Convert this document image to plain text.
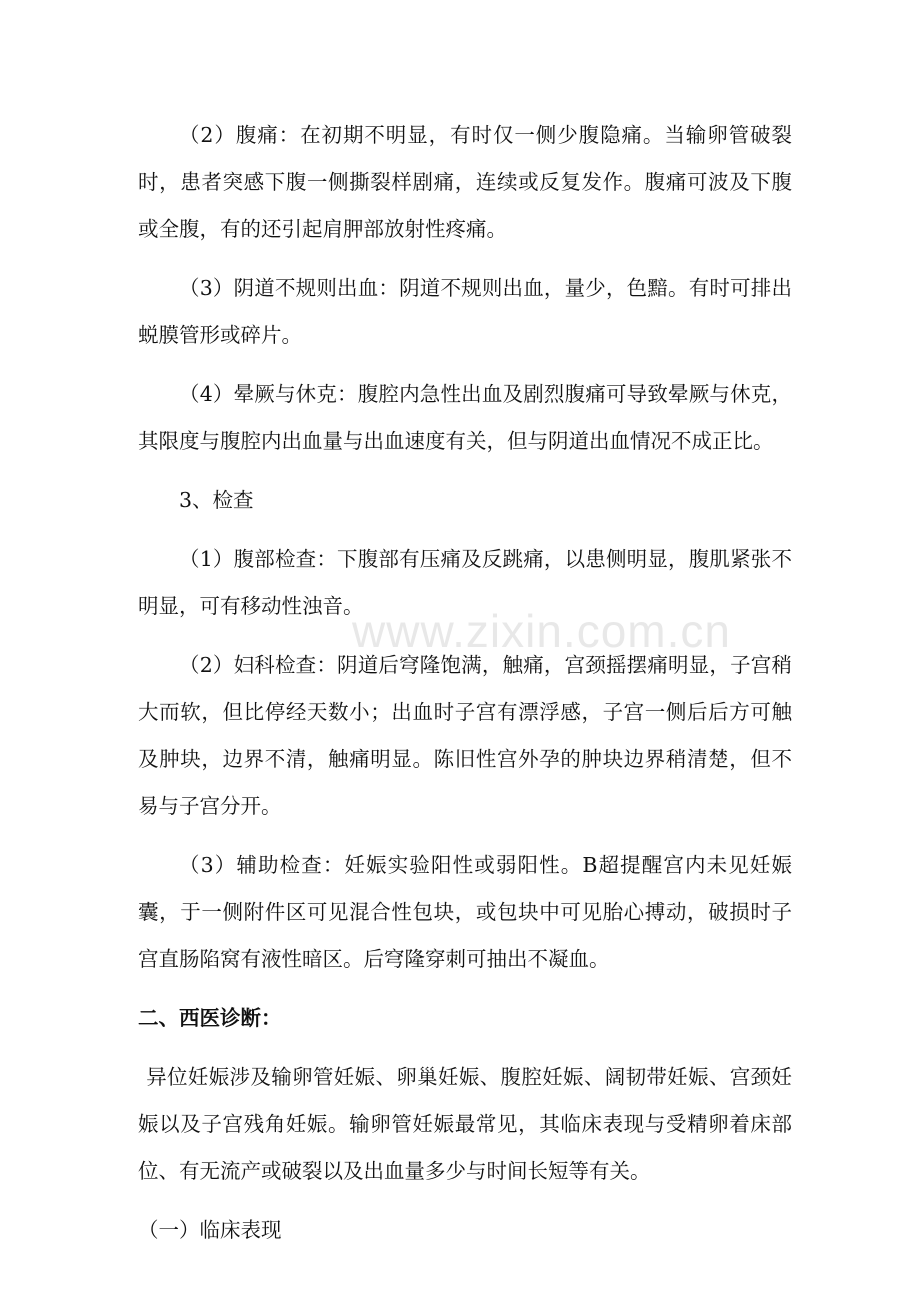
（2）腹痛：在初期不明显，有时仅一侧少腹隐痛。当输卵管破裂时，患者突感下腹一侧撕裂样剧痛，连续或反复发作。腹痛可波及下腹或全腹，有的还引起肩胛部放射性疼痛。

（3）阴道不规则出血：阴道不规则出血，量少，色黯。有时可排出蜕膜管形或碎片。

（4）晕厥与休克：腹腔内急性出血及剧烈腹痛可导致晕厥与休克，其限度与腹腔内出血量与出血速度有关，但与阴道出血情况不成正比。

3、检查

（1）腹部检查：下腹部有压痛及反跳痛，以患侧明显，腹肌紧张不明显，可有移动性浊音。

（2）妇科检查：阴道后穹隆饱满，触痛，宫颈摇摆痛明显，子宫稍大而软，但比停经天数小；出血时子宫有漂浮感，子宫一侧后后方可触及肿块，边界不清，触痛明显。陈旧性宫外孕的肿块边界稍清楚，但不易与子宫分开。

（3）辅助检查：妊娠实验阳性或弱阳性。B超提醒宫内未见妊娠囊，于一侧附件区可见混合性包块，或包块中可见胎心搏动，破损时子宫直肠陷窝有液性暗区。后穹隆穿刺可抽出不凝血。

二、西医诊断：

异位妊娠涉及输卵管妊娠、卵巢妊娠、腹腔妊娠、阔韧带妊娠、宫颈妊娠以及子宫残角妊娠。输卵管妊娠最常见，其临床表现与受精卵着床部位、有无流产或破裂以及出血量多少与时间长短等有关。

（一）临床表现

www.zixin.com.cn
